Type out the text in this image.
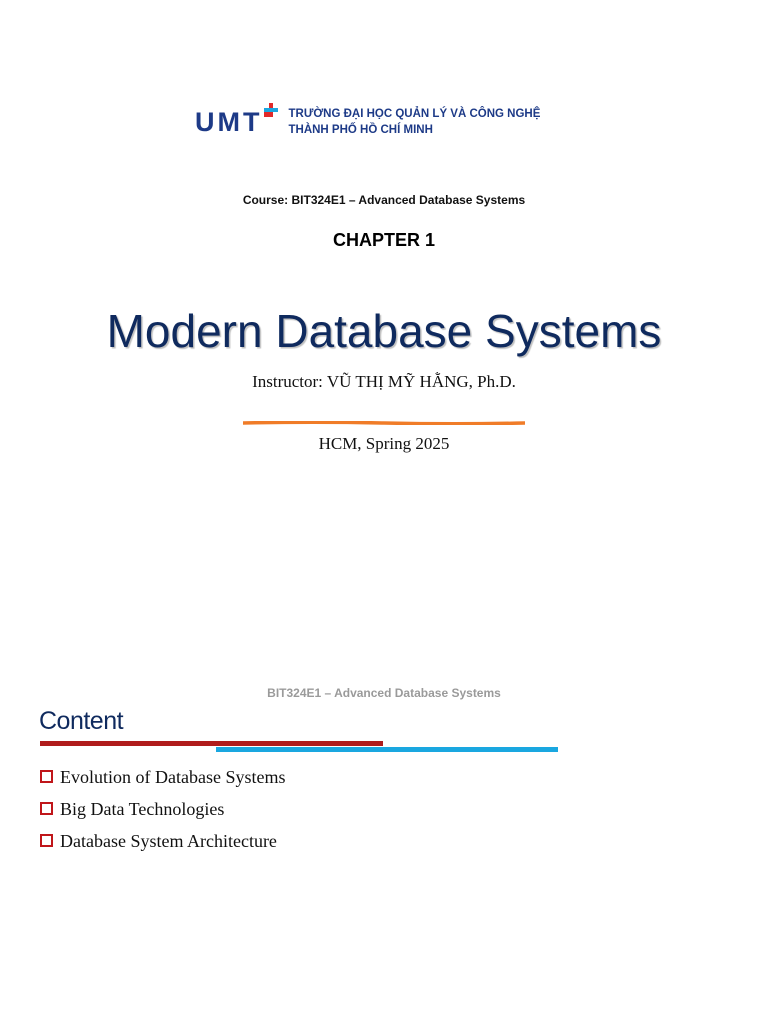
UMT TRƯỜNG ĐẠI HỌC QUẢN LÝ VÀ CÔNG NGHỆ
THÀNH PHỐ HỒ CHÍ MINH
Course: BIT324E1 – Advanced Database Systems
CHAPTER 1
Modern Database Systems
Instructor: VŨ THỊ MỸ HẰNG, Ph.D.
HCM, Spring 2025
BIT324E1 – Advanced Database Systems
Content
Evolution of Database Systems
Big Data Technologies
Database System Architecture
